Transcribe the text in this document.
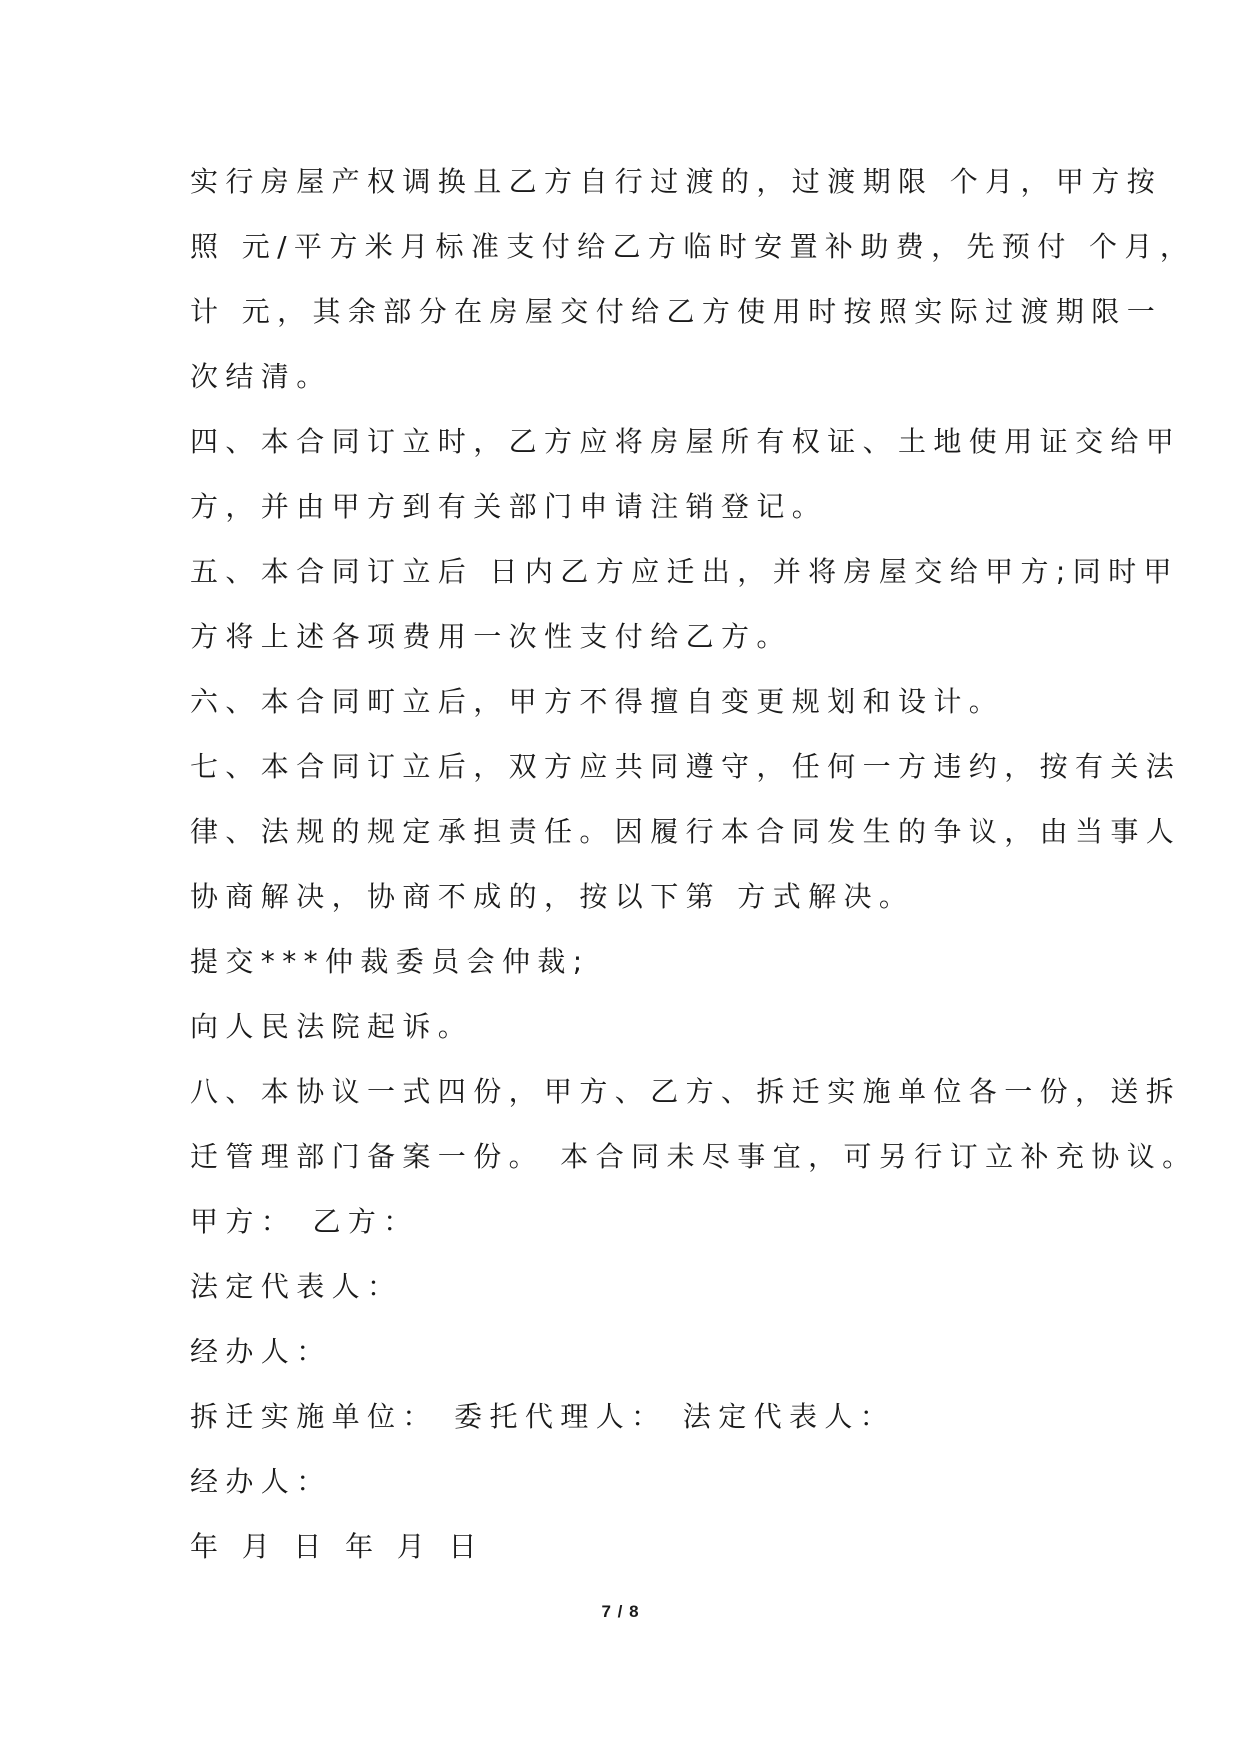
实行房屋产权调换且乙方自行过渡的，过渡期限 个月，甲方按
照 元/平方米月标准支付给乙方临时安置补助费，先预付 个月，
计 元，其余部分在房屋交付给乙方使用时按照实际过渡期限一
次结清。
四、本合同订立时，乙方应将房屋所有权证、土地使用证交给甲
方，并由甲方到有关部门申请注销登记。
五、本合同订立后 日内乙方应迁出，并将房屋交给甲方;同时甲
方将上述各项费用一次性支付给乙方。
六、本合同町立后，甲方不得擅自变更规划和设计。
七、本合同订立后，双方应共同遵守，任何一方违约，按有关法
律、法规的规定承担责任。因履行本合同发生的争议，由当事人
协商解决，协商不成的，按以下第 方式解决。
提交***仲裁委员会仲裁;
向人民法院起诉。
八、本协议一式四份，甲方、乙方、拆迁实施单位各一份，送拆
迁管理部门备案一份。 本合同未尽事宜，可另行订立补充协议。
甲方： 乙方：
法定代表人：
经办人：
拆迁实施单位： 委托代理人： 法定代表人：
经办人：
年 月 日 年 月 日
7 / 8
